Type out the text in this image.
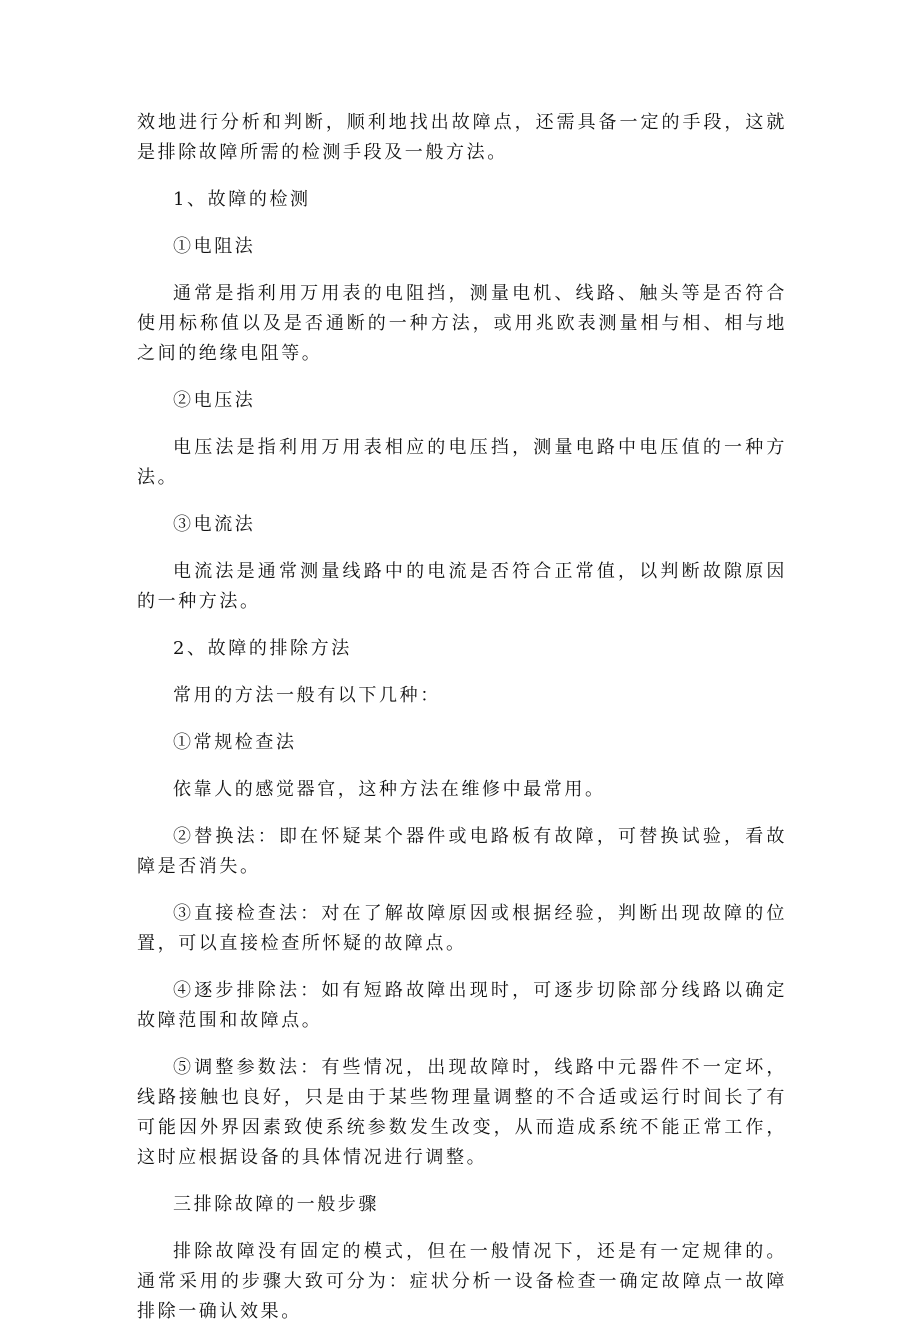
效地进行分析和判断，顺利地找出故障点，还需具备一定的手段，这就是排除故障所需的检测手段及一般方法。

1、故障的检测

①电阻法

通常是指利用万用表的电阻挡，测量电机、线路、触头等是否符合使用标称值以及是否通断的一种方法，或用兆欧表测量相与相、相与地之间的绝缘电阻等。

②电压法

电压法是指利用万用表相应的电压挡，测量电路中电压值的一种方法。

③电流法

电流法是通常测量线路中的电流是否符合正常值，以判断故隙原因的一种方法。

2、故障的排除方法

常用的方法一般有以下几种：

①常规检查法

依靠人的感觉器官，这种方法在维修中最常用。

②替换法：即在怀疑某个器件或电路板有故障，可替换试验，看故障是否消失。

③直接检查法：对在了解故障原因或根据经验，判断出现故障的位置，可以直接检查所怀疑的故障点。

④逐步排除法：如有短路故障出现时，可逐步切除部分线路以确定故障范围和故障点。

⑤调整参数法：有些情况，出现故障时，线路中元器件不一定坏，线路接触也良好，只是由于某些物理量调整的不合适或运行时间长了有可能因外界因素致使系统参数发生改变，从而造成系统不能正常工作，这时应根据设备的具体情况进行调整。

三排除故障的一般步骤

排除故障没有固定的模式，但在一般情况下，还是有一定规律的。通常采用的步骤大致可分为：症状分析一设备检查一确定故障点一故障排除一确认效果。
